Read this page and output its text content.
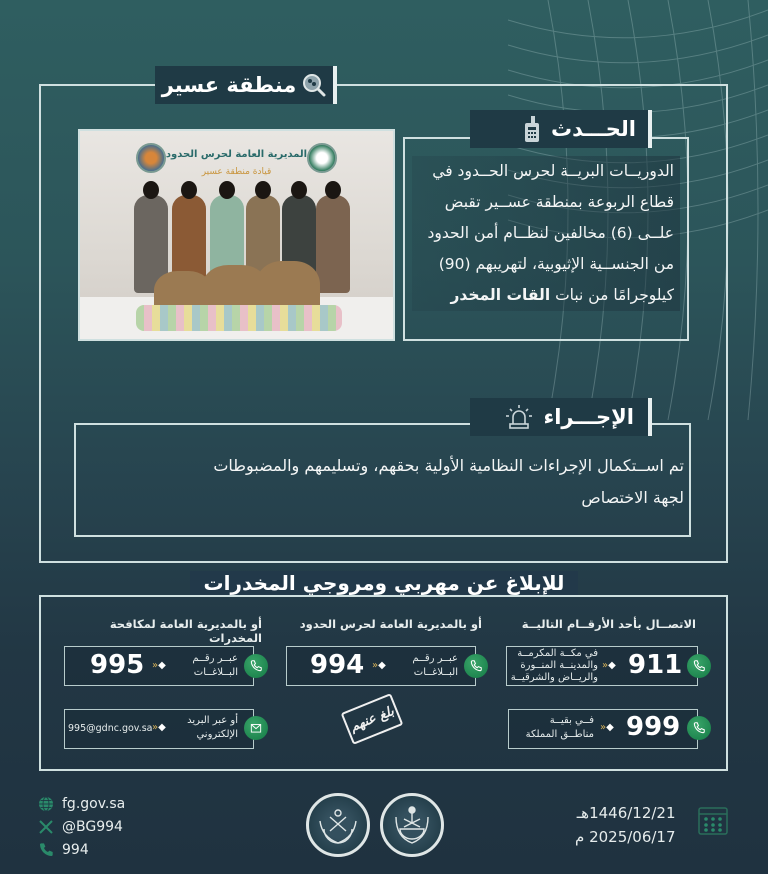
منطقة عسير
المديرية العامة لحرس الحدود
قيادة منطقة عسير
الحـــدث
الدوريــات البريــة لحرس الحــدود في
قطاع الربوعة بمنطقة عســير تقبض
علــى (6) مخالفين لنظــام أمن الحدود
من الجنســية الإثيوبية، لتهريبهم (90)
كيلوجرامًا من نبات القات المخدر
الإجـــراء
تم اســتكمال الإجراءات النظامية الأولية بحقهم، وتسليمهم والمضبوطات
لجهة الاختصاص
للإبلاغ عن مهربي ومروجي المخدرات
الاتصــال بأحد الأرقــام التاليــة
911
»◆
في مكــة المكرمــة
والمدينــة المنــورة
والريــاض والشرقيــة
999
»◆
فــي بقيــة
مناطــق المملكة
أو بالمديرية العامة لحرس الحدود
عبــر رقــم
البــلاغــات
»◆
994
بلغ عنهم
أو بالمديرية العامة لمكافحة المخدرات
عبــر رقــم
البــلاغــات
»◆
995
أو عبر البريد
الإلكتروني
»◆
995@gdnc.gov.sa
fg.gov.sa
@BG994
994
1446/12/21هـ
2025/06/17 م
